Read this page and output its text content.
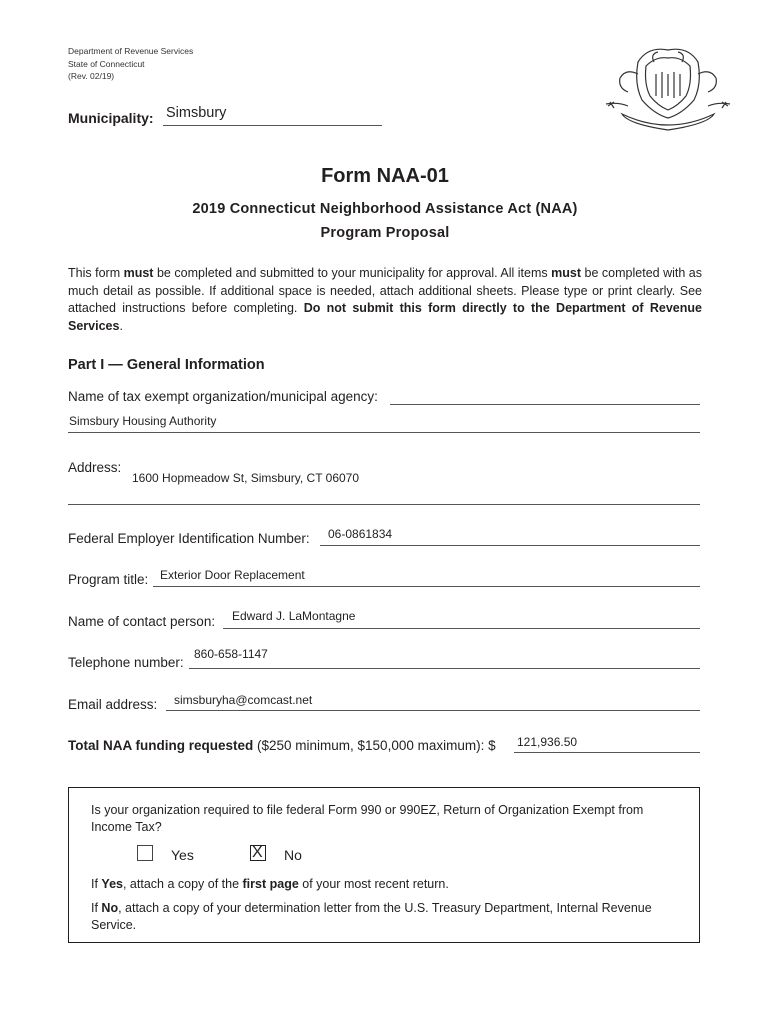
Department of Revenue Services
State of Connecticut
(Rev. 02/19)
Municipality: Simsbury
Form NAA-01
2019 Connecticut Neighborhood Assistance Act (NAA)
Program Proposal
This form must be completed and submitted to your municipality for approval. All items must be completed with as much detail as possible. If additional space is needed, attach additional sheets. Please type or print clearly. See attached instructions before completing. Do not submit this form directly to the Department of Revenue Services.
Part I — General Information
Name of tax exempt organization/municipal agency:
Simsbury Housing Authority
Address:
1600 Hopmeadow St, Simsbury, CT 06070
Federal Employer Identification Number: 06-0861834
Program title: Exterior Door Replacement
Name of contact person: Edward J. LaMontagne
Telephone number:
860-658-1147
Email address: simsburyha@comcast.net
Total NAA funding requested ($250 minimum, $150,000 maximum): $ 121,936.50
Is your organization required to file federal Form 990 or 990EZ, Return of Organization Exempt from Income Tax?
Yes	X No
If Yes, attach a copy of the first page of your most recent return.
If No, attach a copy of your determination letter from the U.S. Treasury Department, Internal Revenue Service.
